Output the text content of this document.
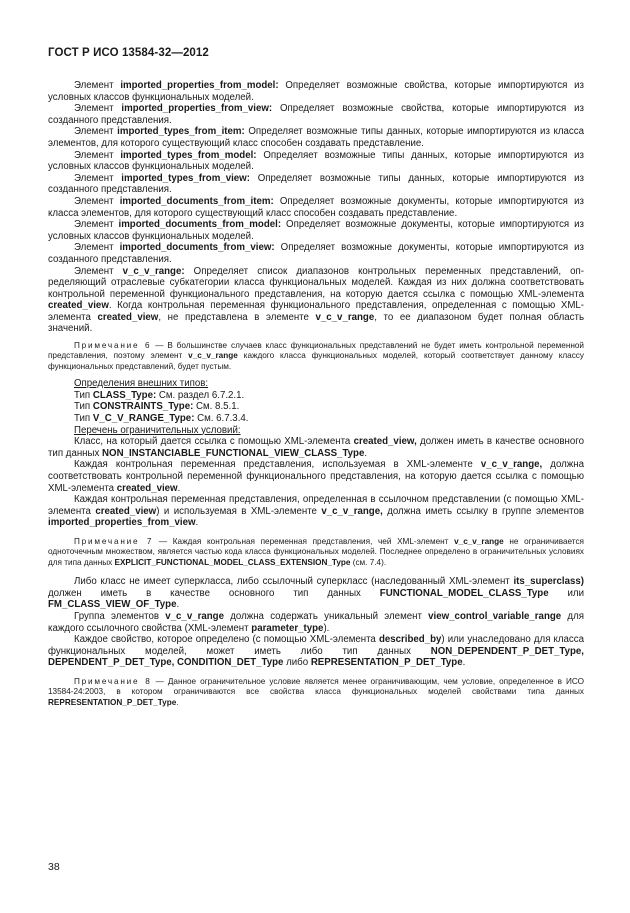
ГОСТ Р ИСО 13584-32—2012

Элемент imported_properties_from_model: Определяет возможные свойства, которые импортируются из условных классов функциональных моделей.

Элемент imported_properties_from_view: Определяет возможные свойства, которые импортируются из созданного представления.

Элемент imported_types_from_item: Определяет возможные типы данных, которые импортируются из класса элементов, для которого существующий класс способен создавать представление.

Элемент imported_types_from_model: Определяет возможные типы данных, которые импортируются из условных классов функциональных моделей.

Элемент imported_types_from_view: Определяет возможные типы данных, которые импортируются из созданного представления.

Элемент imported_documents_from_item: Определяет возможные документы, которые импортируются из класса элементов, для которого существующий класс способен создавать представление.

Элемент imported_documents_from_model: Определяет возможные документы, которые импортируются из условных классов функциональных моделей.

Элемент imported_documents_from_view: Определяет возможные документы, которые импортируются из созданного представления.

Элемент v_c_v_range: Определяет список диапазонов контрольных переменных представлений, определяющий отраслевые субкатегории класса функциональных моделей. Каждая из них должна соответствовать контрольной переменной функционального представления, на которую дается ссылка с помощью XML-элемента created_view. Когда контрольная переменная функционального представления, определенная с помощью XML-элемента created_view, не представлена в элементе v_c_v_range, то ее диапазоном будет полная область значений.

Примечание 6 — В большинстве случаев класс функциональных представлений не будет иметь контрольной переменной представления, поэтому элемент v_c_v_range каждого класса функциональных моделей, который соответствует данному классу функциональных представлений, будет пустым.

Определения внешних типов:

Тип CLASS_Type: См. раздел 6.7.2.1.

Тип CONSTRAINTS_Type: См. 8.5.1.

Тип V_C_V_RANGE_Type: См. 6.7.3.4.

Перечень ограничительных условий:

Класс, на который дается ссылка с помощью XML-элемента created_view, должен иметь в качестве основного тип данных NON_INSTANCIABLE_FUNCTIONAL_VIEW_CLASS_Type.

Каждая контрольная переменная представления, используемая в XML-элементе v_c_v_range, должна соответствовать контрольной переменной функционального представления, на которую дается ссылка с помощью XML-элемента created_view.

Каждая контрольная переменная представления, определенная в ссылочном представлении (с помощью XML-элемента created_view) и используемая в XML-элементе v_c_v_range, должна иметь ссылку в группе элементов imported_properties_from_view.

Примечание 7 — Каждая контрольная переменная представления, чей XML-элемент v_c_v_range не ограничивается одноточечным множеством, является частью кода класса функциональных моделей. Последнее определено в ограничительных условиях для типа данных EXPLICIT_FUNCTIONAL_MODEL_CLASS_EXTENSION_Type (см. 7.4).

Либо класс не имеет суперкласса, либо ссылочный суперкласс (наследованный XML-элемент its_superclass) должен иметь в качестве основного тип данных FUNCTIONAL_MODEL_CLASS_Type или FM_CLASS_VIEW_OF_Type.

Группа элементов v_c_v_range должна содержать уникальный элемент view_control_variable_range для каждого ссылочного свойства (XML-элемент parameter_type).

Каждое свойство, которое определено (с помощью XML-элемента described_by) или унаследовано для класса функциональных моделей, может иметь либо тип данных NON_DEPENDENT_P_DET_Type, DEPENDENT_P_DET_Type, CONDITION_DET_Type либо REPRESENTATION_P_DET_Type.

Примечание 8 — Данное ограничительное условие является менее ограничивающим, чем условие, определенное в ИСО 13584-24:2003, в котором ограничиваются все свойства класса функциональных моделей свойствами типа данных REPRESENTATION_P_DET_Type.

38
